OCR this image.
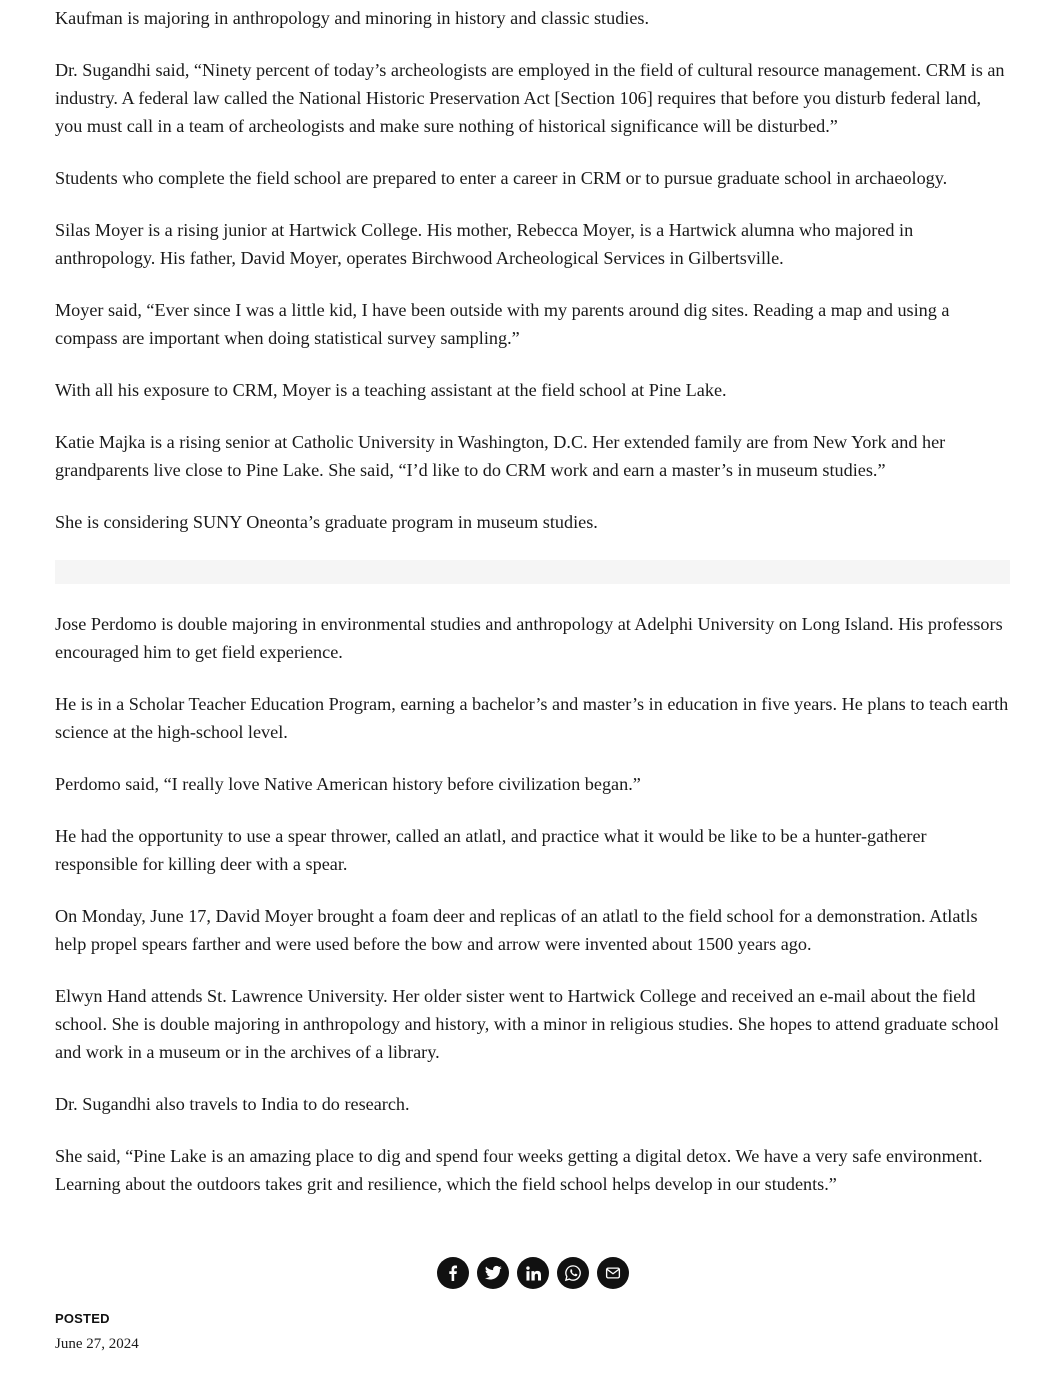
Kaufman is majoring in anthropology and minoring in history and classic studies.

Dr. Sugandhi said, “Ninety percent of today’s archeologists are employed in the field of cultural resource management. CRM is an industry. A federal law called the National Historic Preservation Act [Section 106] requires that before you disturb federal land, you must call in a team of archeologists and make sure nothing of historical significance will be disturbed.”

Students who complete the field school are prepared to enter a career in CRM or to pursue graduate school in archaeology.

Silas Moyer is a rising junior at Hartwick College. His mother, Rebecca Moyer, is a Hartwick alumna who majored in anthropology. His father, David Moyer, operates Birchwood Archeological Services in Gilbertsville.

Moyer said, “Ever since I was a little kid, I have been outside with my parents around dig sites. Reading a map and using a compass are important when doing statistical survey sampling.”

With all his exposure to CRM, Moyer is a teaching assistant at the field school at Pine Lake.

Katie Majka is a rising senior at Catholic University in Washington, D.C. Her extended family are from New York and her grandparents live close to Pine Lake. She said, “I’d like to do CRM work and earn a master’s in museum studies.”

She is considering SUNY Oneonta’s graduate program in museum studies.

Jose Perdomo is double majoring in environmental studies and anthropology at Adelphi University on Long Island. His professors encouraged him to get field experience.

He is in a Scholar Teacher Education Program, earning a bachelor’s and master’s in education in five years. He plans to teach earth science at the high-school level.

Perdomo said, “I really love Native American history before civilization began.”

He had the opportunity to use a spear thrower, called an atlatl, and practice what it would be like to be a hunter-gatherer responsible for killing deer with a spear.

On Monday, June 17, David Moyer brought a foam deer and replicas of an atlatl to the field school for a demonstration. Atlatls help propel spears farther and were used before the bow and arrow were invented about 1500 years ago.

Elwyn Hand attends St. Lawrence University. Her older sister went to Hartwick College and received an e-mail about the field school. She is double majoring in anthropology and history, with a minor in religious studies. She hopes to attend graduate school and work in a museum or in the archives of a library.

Dr. Sugandhi also travels to India to do research.

She said, “Pine Lake is an amazing place to dig and spend four weeks getting a digital detox. We have a very safe environment. Learning about the outdoors takes grit and resilience, which the field school helps develop in our students.”

POSTED
June 27, 2024
